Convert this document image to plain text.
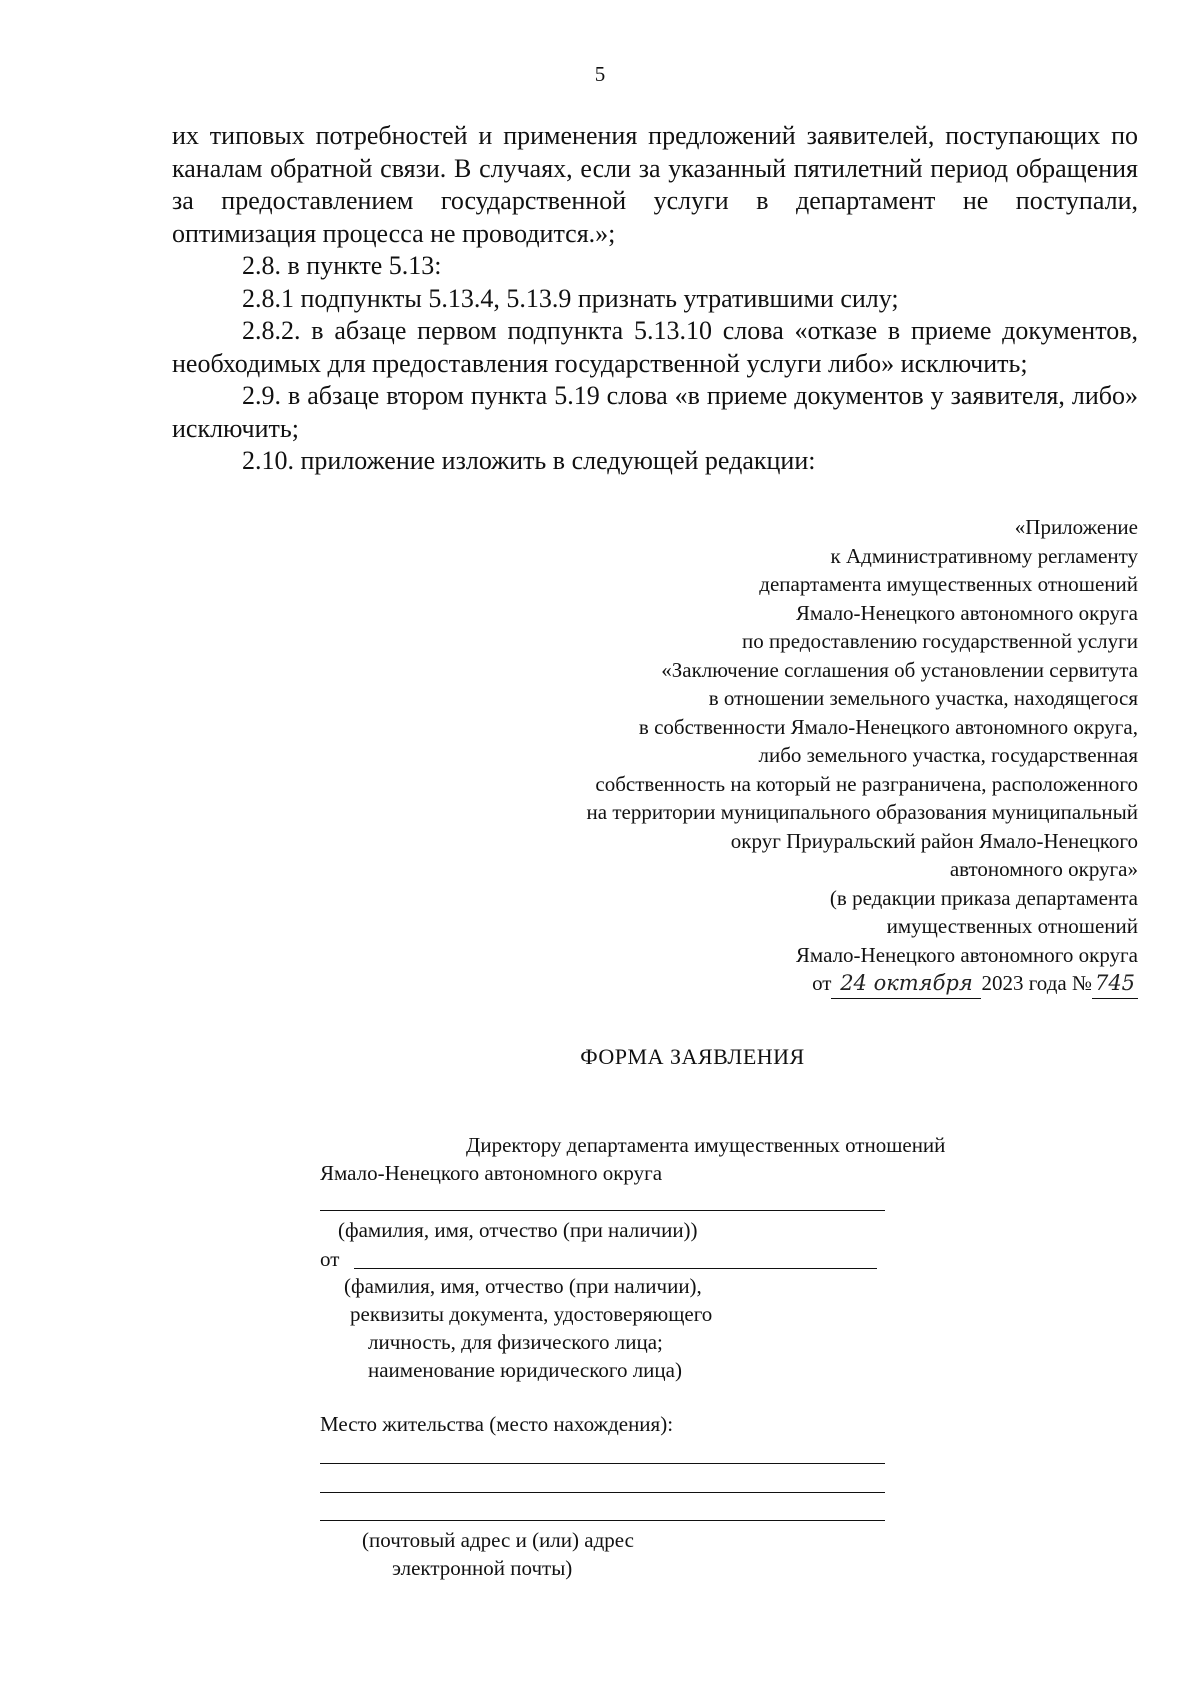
5

их типовых потребностей и применения предложений заявителей, поступающих по каналам обратной связи. В случаях, если за указанный пятилетний период обращения за предоставлением государственной услуги в департамент не поступали, оптимизация процесса не проводится.»;

2.8. в пункте 5.13:

2.8.1 подпункты 5.13.4, 5.13.9 признать утратившими силу;

2.8.2. в абзаце первом подпункта 5.13.10 слова «отказе в приеме документов, необходимых для предоставления государственной услуги либо» исключить;

2.9. в абзаце втором пункта 5.19 слова «в приеме документов у заявителя, либо» исключить;

2.10. приложение изложить в следующей редакции:

«Приложение
к Административному регламенту
департамента имущественных отношений
Ямало-Ненецкого автономного округа
по предоставлению государственной услуги
«Заключение соглашения об установлении сервитута
в отношении земельного участка, находящегося
в собственности Ямало-Ненецкого автономного округа,
либо земельного участка, государственная
собственность на который не разграничена, расположенного
на территории муниципального образования муниципальный
округ Приуральский район Ямало-Ненецкого
автономного округа»
(в редакции приказа департамента
имущественных отношений
Ямало-Ненецкого автономного округа
от 24 октября 2023 года № 745
ФОРМА ЗАЯВЛЕНИЯ
Директору департамента имущественных отношений
Ямало-Ненецкого автономного округа
(фамилия, имя, отчество (при наличии))
от
(фамилия, имя, отчество (при наличии),
реквизиты документа, удостоверяющего
личность, для физического лица;
наименование юридического лица)
Место жительства (место нахождения):
(почтовый адрес и (или) адрес
электронной почты)
